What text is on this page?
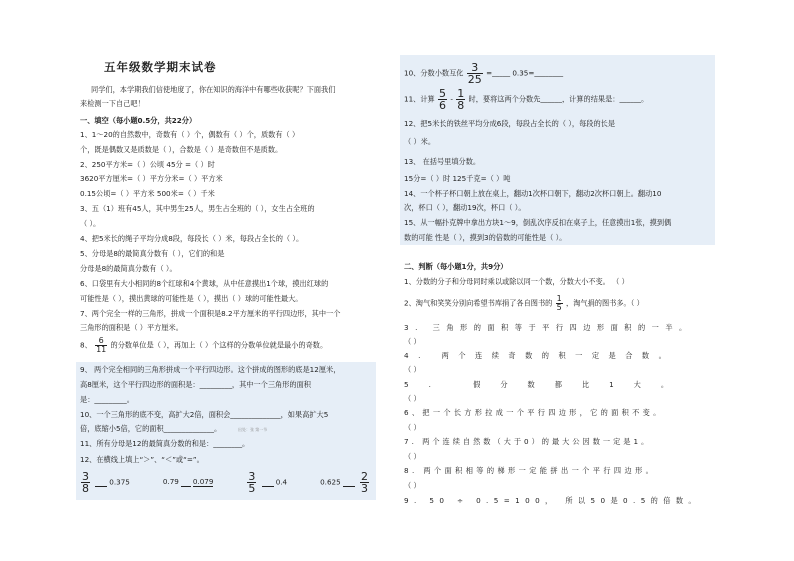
五年级数学期末试卷
同学们，本学期我们信使地度了，你在知识的海洋中有哪些收获呢？下面我们
来检测一下自己吧！
一、填空（每小题0.5分，共22分）
1、1～20的自然数中，奇数有（ ）个，偶数有（ ）个，质数有（ ）
个，既是偶数又是质数是（ ），合数是（ ）是奇数但不是质数。
2、250平方米=（ ）公顷 45分 =（ ）时
3620平方厘米=（ ）平方分米=（ ）平方米
0.15公顷=（ ）平方米 500米=（ ）千米
3、五（1）班有45人，其中男生25人，男生占全班的（ ），女生占全班的
（ ）。
4、把5米长的绳子平均分成8段，每段长（ ）米，每段占全长的（ ）。
5、分母是8的最简真分数有（ ），它们的和是
分母是8的最简真分数有（ ）。
6、口袋里有大小相同的8个红球和4个黄球，从中任意摸出1个球，摸出红球的
可能性是（ ），摸出黄球的可能性是（ ），摸出（ ）球的可能性最大。
7、两个完全一样的三角形，拼成一个面积是8.2平方厘米的平行四边形，其中一个
三角形的面积是（ ）平方厘米。
8、 $\frac{6}{11}$ 的分数单位是（ ），再加上（ ）个这样的分数单位就是最小的奇数。
9、 两个完全相同的三角形拼成一个平行四边形。这个拼成的图形的底是12厘米，
高8厘米，这个平行四边形的面积是：_________，其中一个三角形的面积
是：_________。
10、一个三角形的底不变，高扩大2倍，面积会______________，如果高扩大5
倍，底缩小5倍，它的面积______________。	出处：张 第一节
11、所有分母是12的最简真分数的和是：________。
12、在横线上填上“＞”、“＜”或“=”。
$\frac{3}{8}$	0.375	0.79 0.079	$\frac{3}{5}$	0.4	$0.625 \frac{2}{3}$
10、分数小数互化 $\frac{3}{25}$ =_____ 0.35=________
11、计算 $\frac{5}{6} - \frac{1}{8}$ 时，要将这两个分数先______，计算的结果是：______。
12、把5米长的铁丝平均分成6段，每段占全长的（ ），每段的长是
（ ）米。
13、 在括号里填分数。
15分=（ ）时 125千克=（ ）吨
14、一个杯子杯口朝上放在桌上，翻动1次杯口朝下，翻动2次杯口朝上。翻动10
次，杯口（ ），翻动19次，杯口（ ）。
15、从一幅扑克牌中拿出方块1～9，倒乱次序反扣在桌子上，任意摸出1张，摸到偶
数的可能 性是（ ），摸到3的倍数的可能性是（ ）。
二、判断（每小题1分，共9分）
1、分数的分子和分母同时乘以或除以同一个数，分数大小不变。 （ ）
2、淘气和笑笑分别向希望书库捐了各自图书的 $\frac{1}{5}$ ，淘气捐的图书多。（ ）
3. 三角形的面积等于平行四边形面积的一半。
（ ）
4. 两个连续奇数的积一定是合数。
（ ）
5. 假分数都比1大。
（ ）
6、把一个长方形拉成一个平行四边形，它的面积不变。
（ ）
7. 两个连续自然数（大于0）的最大公因数一定是1。
（ ）
8. 两个面积相等的梯形一定能拼出一个平行四边形。
（ ）
9. 50 ÷ 0.5=100， 所以50是0.5的倍数。
